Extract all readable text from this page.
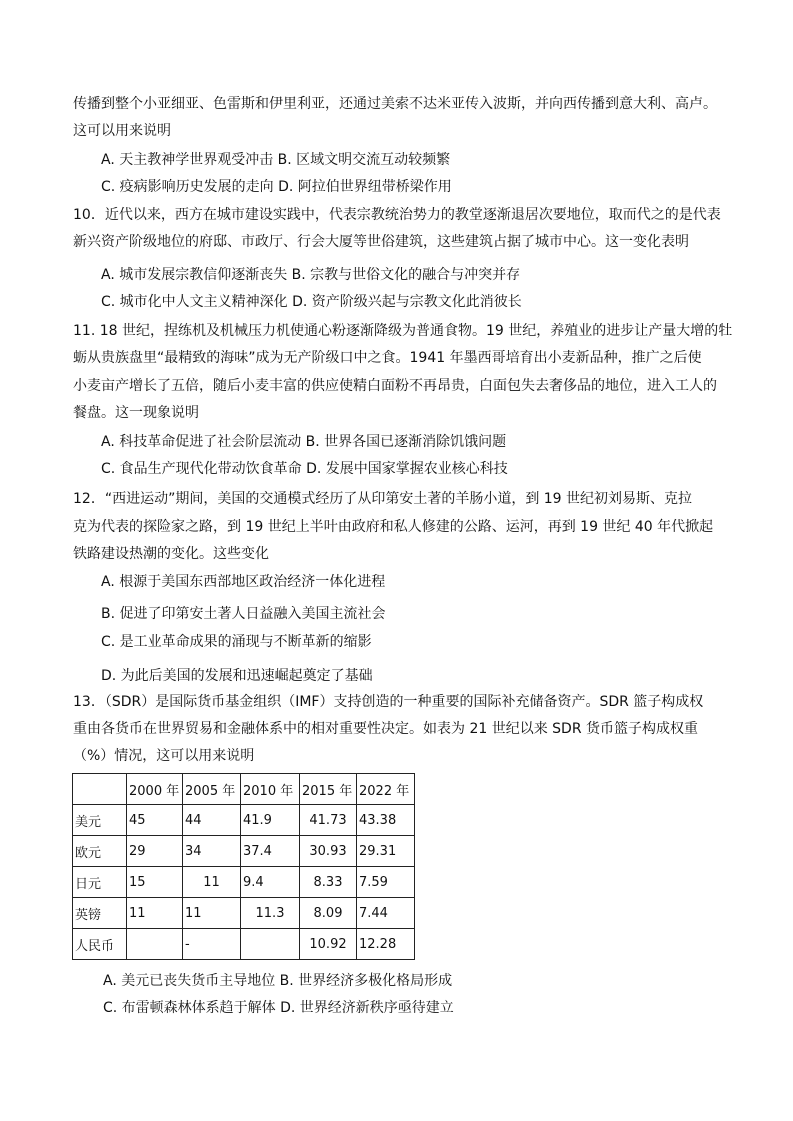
传播到整个小亚细亚、色雷斯和伊里利亚，还通过美索不达米亚传入波斯，并向西传播到意大利、高卢。
这可以用来说明
A. 天主教神学世界观受冲击 B. 区域文明交流互动较频繁
C. 疫病影响历史发展的走向 D. 阿拉伯世界纽带桥梁作用
10．近代以来，西方在城市建设实践中，代表宗教统治势力的教堂逐渐退居次要地位，取而代之的是代表
新兴资产阶级地位的府邸、市政厅、行会大厦等世俗建筑，这些建筑占据了城市中心。这一变化表明
A. 城市发展宗教信仰逐渐丧失 B. 宗教与世俗文化的融合与冲突并存
C. 城市化中人文主义精神深化 D. 资产阶级兴起与宗教文化此消彼长
11. 18 世纪，捏练机及机械压力机使通心粉逐渐降级为普通食物。19 世纪，养殖业的进步让产量大增的牡
蛎从贵族盘里“最精致的海味”成为无产阶级口中之食。1941 年墨西哥培育出小麦新品种，推广之后使
小麦亩产增长了五倍，随后小麦丰富的供应使精白面粉不再昂贵，白面包失去奢侈品的地位，进入工人的
餐盘。这一现象说明
A. 科技革命促进了社会阶层流动 B. 世界各国已逐渐消除饥饿问题
C. 食品生产现代化带动饮食革命 D. 发展中国家掌握农业核心科技
12．“西进运动”期间，美国的交通模式经历了从印第安土著的羊肠小道，到 19 世纪初刘易斯、克拉
克为代表的探险家之路，到 19 世纪上半叶由政府和私人修建的公路、运河，再到 19 世纪 40 年代掀起
铁路建设热潮的变化。这些变化
A. 根源于美国东西部地区政治经济一体化进程
B. 促进了印第安土著人日益融入美国主流社会
C. 是工业革命成果的涌现与不断革新的缩影
D. 为此后美国的发展和迅速崛起奠定了基础
13．（SDR）是国际货币基金组织（IMF）支持创造的一种重要的国际补充储备资产。SDR 篮子构成权
重由各货币在世界贸易和金融体系中的相对重要性决定。如表为 21 世纪以来 SDR 货币篮子构成权重
（%）情况，这可以用来说明
	2000 年	2005 年	2010 年	2015 年	2022 年
美元	45	44	41.9	41.73	43.38
欧元	29	34	37.4	30.93	29.31
日元	15	11	9.4	8.33	7.59
英镑	11	11	11.3	8.09	7.44
人民币		-		10.92	12.28
A. 美元已丧失货币主导地位 B. 世界经济多极化格局形成
C. 布雷顿森林体系趋于解体 D. 世界经济新秩序亟待建立
